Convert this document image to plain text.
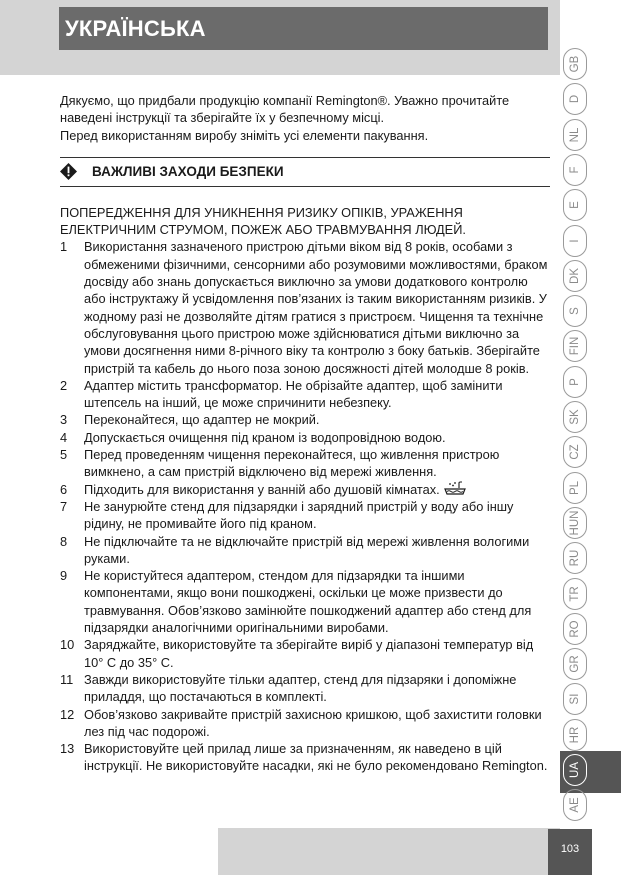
УКРАЇНСЬКА
GB
D
NL
F
E
I
DK
S
FIN
P
SK
CZ
PL
HUN
RU
TR
RO
GR
SI
HR
UA
AE

Дякуємо, що придбали продукцію компанії Remington®. Уважно прочитайте наведені інструкції та зберігайте їх у безпечному місці.

Перед використанням виробу зніміть усі елементи пакування.

ВАЖЛИВІ ЗАХОДИ БЕЗПЕКИ

ПОПЕРЕДЖЕННЯ ДЛЯ УНИКНЕННЯ РИЗИКУ ОПІКІВ, УРАЖЕННЯ ЕЛЕКТРИЧНИМ СТРУМОМ, ПОЖЕЖ АБО ТРАВМУВАННЯ ЛЮДЕЙ.

1 Використання зазначеного пристрою дітьми віком від 8 років, особами з обмеженими фізичними, сенсорними або розумовими можливостями, браком досвіду або знань допускається виключно за умови додаткового контролю або інструктажу й усвідомлення пов’язаних із таким використанням ризиків. У жодному разі не дозволяйте дітям гратися з пристроєм. Чищення та технічне обслуговування цього пристрою може здійснюватися дітьми виключно за умови досягнення ними 8-річного віку та контролю з боку батьків. Зберігайте пристрій та кабель до нього поза зоною досяжності дітей молодше 8 років.
2 Адаптер містить трансформатор. Не обрізайте адаптер, щоб замінити штепсель на інший, це може спричинити небезпеку.
3 Переконайтеся, що адаптер не мокрий.
4 Допускається очищення під краном із водопровідною водою.
5 Перед проведенням чищення переконайтеся, що живлення пристрою вимкнено, а сам пристрій відключено від мережі живлення.
6 Підходить для використання у ванній або душовій кімнатах.
7 Не занурюйте стенд для підзарядки і зарядний пристрій у воду або іншу рідину, не промивайте його під краном.
8 Не підключайте та не відключайте пристрій від мережі живлення вологими руками.
9 Не користуйтеся адаптером, стендом для підзарядки та іншими компонентами, якщо вони пошкоджені, оскільки це може призвести до травмування. Обов’язково замінюйте пошкоджений адаптер або стенд для підзарядки аналогічними оригінальними виробами.
10 Заряджайте, використовуйте та зберігайте виріб у діапазоні температур від 10° C до 35° C.
11 Завжди використовуйте тільки адаптер, стенд для підзаряки і допоміжне приладдя, що постачаються в комплекті.
12 Обов’язково закривайте пристрій захисною кришкою, щоб захистити головки лез під час подорожі.
13 Використовуйте цей прилад лише за призначенням, як наведено в цій інструкції. Не використовуйте насадки, які не було рекомендовано Remington.
103
